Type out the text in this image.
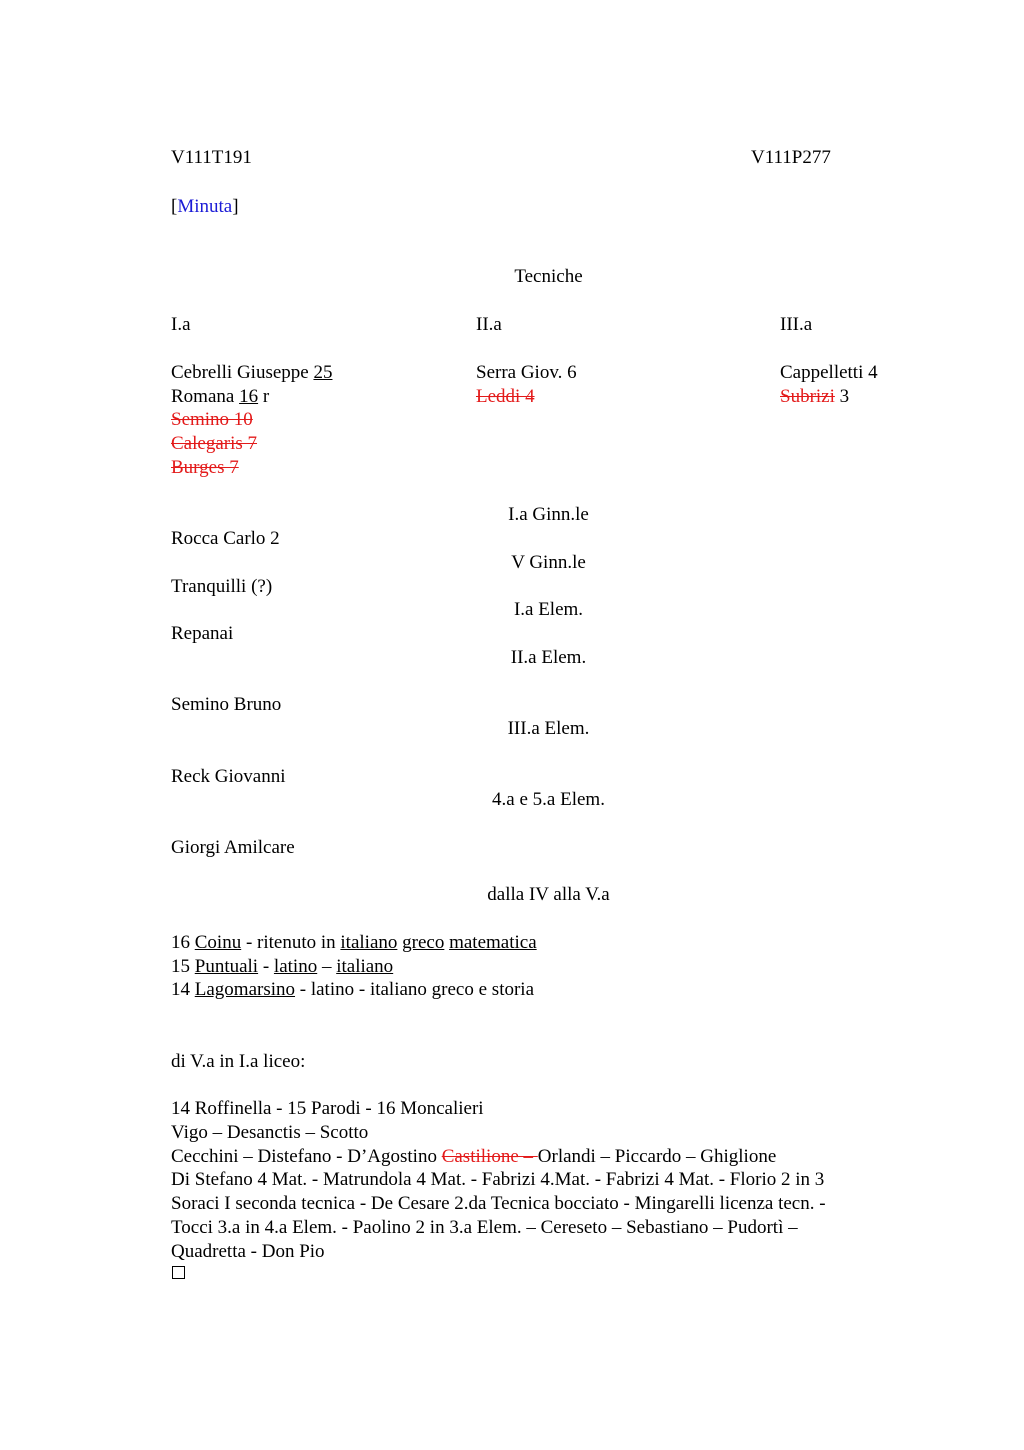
V111T191	V111P277
[Minuta]
Tecniche
I.a
Cebrelli Giuseppe 25
Romana 16 r
Semino 10
Calegaris 7
Burges 7
II.a
Serra Giov. 6
Leddi 4
III.a
Cappelletti 4
Subrizi 3
I.a Ginn.le
V Ginn.le
I.a Elem.
II.a Elem.
III.a Elem.
4.a e 5.a Elem.
dalla IV alla V.a
Rocca Carlo 2
Tranquilli (?)
Repanai
Semino Bruno
Reck Giovanni
Giorgi Amilcare
16 Coinu - ritenuto in italiano greco matematica
15 Puntuali - latino – italiano
14 Lagomarsino - latino - italiano greco e storia
di V.a in I.a liceo:
14 Roffinella - 15 Parodi - 16 Moncalieri
Vigo – Desanctis – Scotto
Cecchini – Distefano - D’Agostino Castilione – Orlandi – Piccardo – Ghiglione
Di Stefano 4 Mat. - Matrundola 4 Mat. - Fabrizi 4.Mat. - Fabrizi 4 Mat. - Florio 2 in 3
Soraci I seconda tecnica - De Cesare 2.da Tecnica bocciato - Mingarelli licenza tecn. -
Tocci 3.a in 4.a Elem. - Paolino 2 in 3.a Elem. – Cereseto – Sebastiano – Pudortì –
Quadretta - Don Pio
